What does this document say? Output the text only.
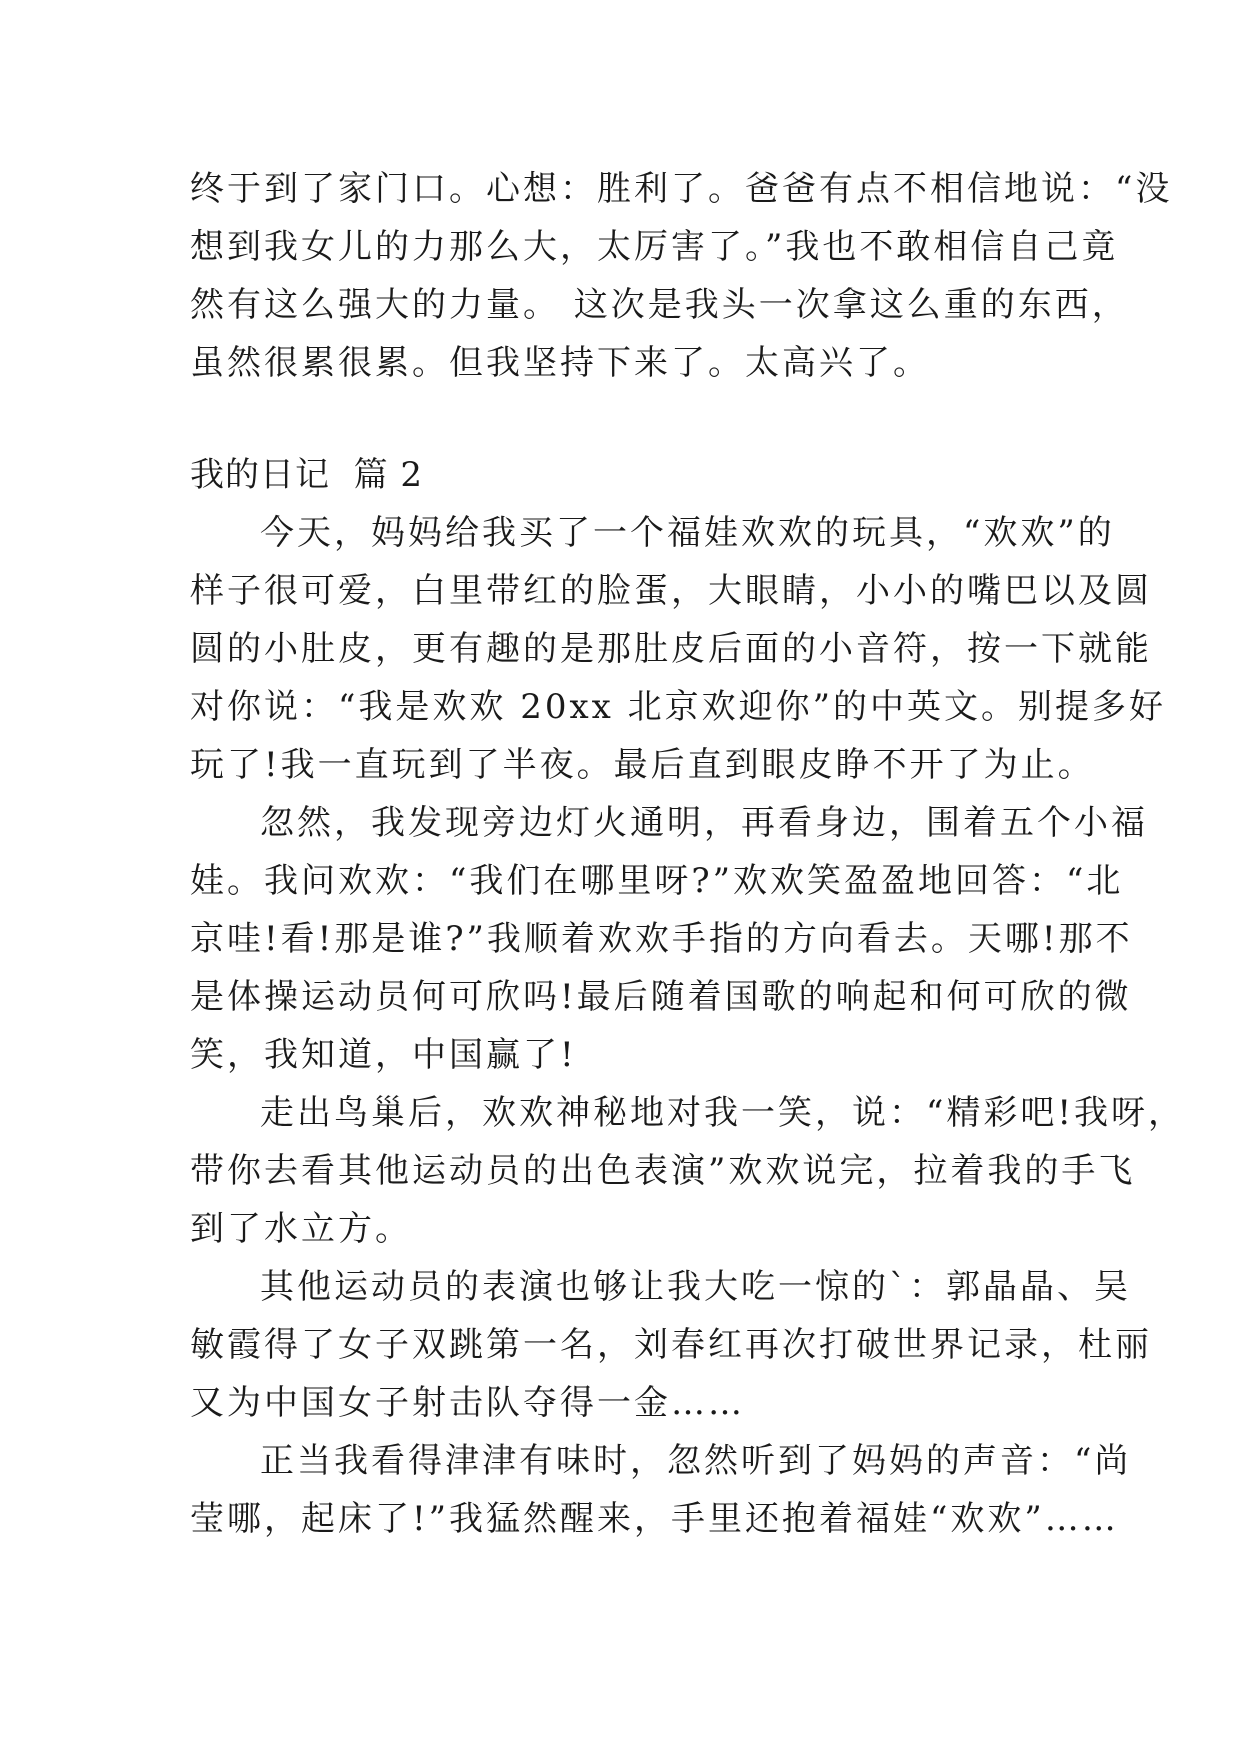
终于到了家门口。心想：胜利了。爸爸有点不相信地说：“没
想到我女儿的力那么大，太厉害了。”我也不敢相信自己竟
然有这么强大的力量。 这次是我头一次拿这么重的东西，
虽然很累很累。但我坚持下来了。太高兴了。
我的日记  篇 2
今天，妈妈给我买了一个福娃欢欢的玩具，“欢欢”的
样子很可爱，白里带红的脸蛋，大眼睛，小小的嘴巴以及圆
圆的小肚皮，更有趣的是那肚皮后面的小音符，按一下就能
对你说：“我是欢欢 20xx 北京欢迎你”的中英文。别提多好
玩了!我一直玩到了半夜。最后直到眼皮睁不开了为止。
忽然，我发现旁边灯火通明，再看身边，围着五个小福
娃。我问欢欢：“我们在哪里呀?”欢欢笑盈盈地回答：“北
京哇!看!那是谁?”我顺着欢欢手指的方向看去。天哪!那不
是体操运动员何可欣吗!最后随着国歌的响起和何可欣的微
笑，我知道，中国赢了!
走出鸟巢后，欢欢神秘地对我一笑，说：“精彩吧!我呀，
带你去看其他运动员的出色表演”欢欢说完，拉着我的手飞
到了水立方。
其他运动员的表演也够让我大吃一惊的`：郭晶晶、吴
敏霞得了女子双跳第一名，刘春红再次打破世界记录，杜丽
又为中国女子射击队夺得一金……
正当我看得津津有味时，忽然听到了妈妈的声音：“尚
莹哪，起床了!”我猛然醒来，手里还抱着福娃“欢欢”……
